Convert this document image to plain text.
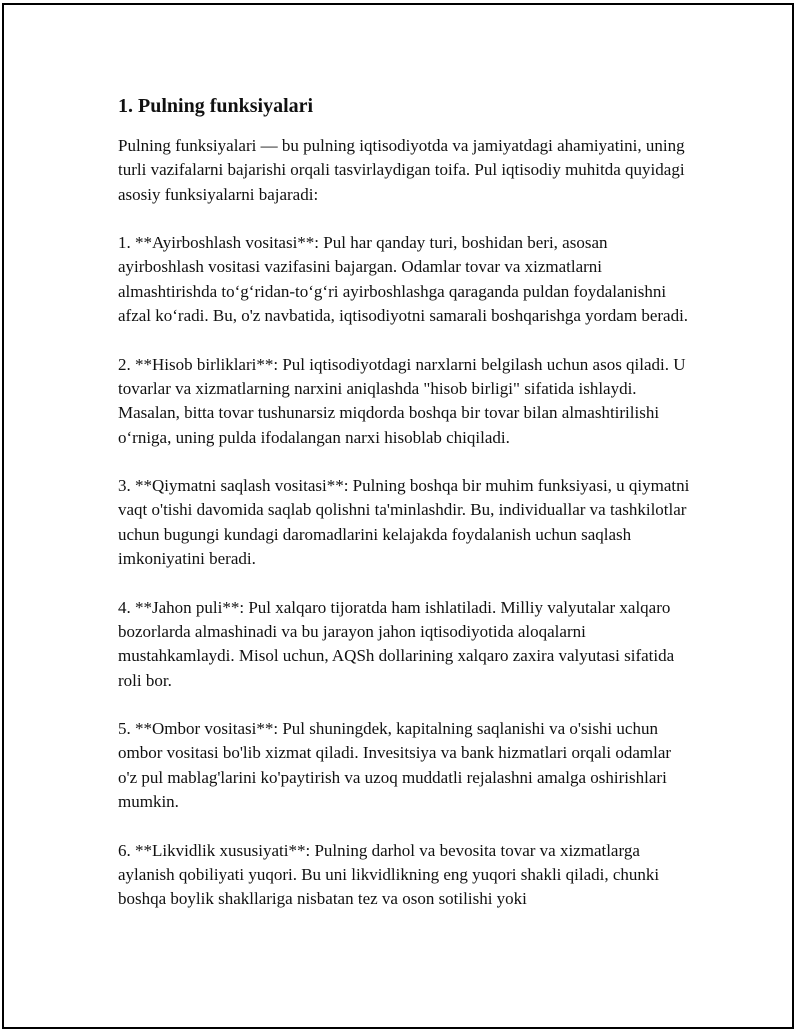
1. Pulning funksiyalari

Pulning funksiyalari — bu pulning iqtisodiyotda va jamiyatdagi ahamiyatini, uning turli vazifalarni bajarishi orqali tasvirlaydigan toifa. Pul iqtisodiy muhitda quyidagi asosiy funksiyalarni bajaradi:

1. **Ayirboshlash vositasi**: Pul har qanday turi, boshidan beri, asosan ayirboshlash vositasi vazifasini bajargan. Odamlar tovar va xizmatlarni almashtirishda toʻgʻridan-toʻgʻri ayirboshlashga qaraganda puldan foydalanishni afzal koʻradi. Bu, o'z navbatida, iqtisodiyotni samarali boshqarishga yordam beradi.

2. **Hisob birliklari**: Pul iqtisodiyotdagi narxlarni belgilash uchun asos qiladi. U tovarlar va xizmatlarning narxini aniqlashda "hisob birligi" sifatida ishlaydi. Masalan, bitta tovar tushunarsiz miqdorda boshqa bir tovar bilan almashtirilishi oʻrniga, uning pulda ifodalangan narxi hisoblab chiqiladi.

3. **Qiymatni saqlash vositasi**: Pulning boshqa bir muhim funksiyasi, u qiymatni vaqt o'tishi davomida saqlab qolishni ta'minlashdir. Bu, individuallar va tashkilotlar uchun bugungi kundagi daromadlarini kelajakda foydalanish uchun saqlash imkoniyatini beradi.

4. **Jahon puli**: Pul xalqaro tijoratda ham ishlatiladi. Milliy valyutalar xalqaro bozorlarda almashinadi va bu jarayon jahon iqtisodiyotida aloqalarni mustahkamlaydi. Misol uchun, AQSh dollarining xalqaro zaxira valyutasi sifatida roli bor.

5. **Ombor vositasi**: Pul shuningdek, kapitalning saqlanishi va o'sishi uchun ombor vositasi bo'lib xizmat qiladi. Invesitsiya va bank hizmatlari orqali odamlar o'z pul mablag'larini ko'paytirish va uzoq muddatli rejalashni amalga oshirishlari mumkin.

6. **Likvidlik xususiyati**: Pulning darhol va bevosita tovar va xizmatlarga aylanish qobiliyati yuqori. Bu uni likvidlikning eng yuqori shakli qiladi, chunki boshqa boylik shakllariga nisbatan tez va oson sotilishi yoki
